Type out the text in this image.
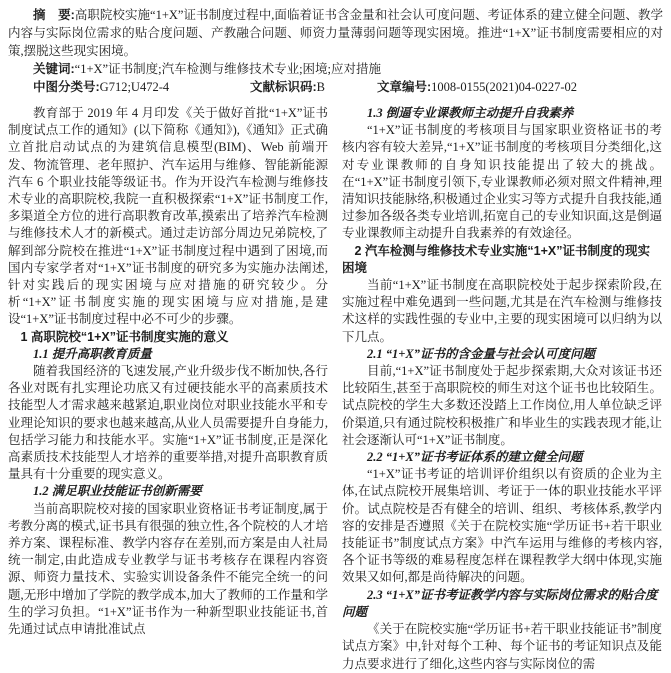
摘　要:高职院校实施“1+X”证书制度过程中,面临着证书含金量和社会认可度问题、考证体系的建立健全问题、教学内容与实际岗位需求的贴合度问题、产教融合问题、师资力量薄弱问题等现实困境。推进“1+X”证书制度需要相应的对策,摆脱这些现实困境。

关键词:“1+X”证书制度;汽车检测与维修技术专业;困境;应对措施

中图分类号:G712;U472-4	文献标识码:B	文章编号:1008-0155(2021)04-0227-02

教育部于 2019 年 4 月印发《关于做好首批“1+X”证书制度试点工作的通知》(以下简称《通知》),《通知》正式确立首批启动试点的为建筑信息模型(BIM)、Web 前端开发、物流管理、老年照护、汽车运用与维修、智能新能源汽车 6 个职业技能等级证书。作为开设汽车检测与维修技术专业的高职院校,我院一直积极探索“1+X”证书制度工作,多渠道全方位的进行高职教育改革,摸索出了培养汽车检测与维修技术人才的新模式。通过走访部分周边兄弟院校,了解到部分院校在推进“1+X”证书制度过程中遇到了困境,而国内专家学者对“1+X”证书制度的研究多为实施办法阐述,针对实践后的现实困境与应对措施的研究较少。分析“1+X”证书制度实施的现实困境与应对措施,是建设“1+X”证书制度过程中必不可少的步骤。

1 高职院校“1+X”证书制度实施的意义
1.1 提升高职教育质量

随着我国经济的飞速发展,产业升级步伐不断加快,各行各业对既有扎实理论功底又有过硬技能水平的高素质技术技能型人才需求越来越紧迫,职业岗位对职业技能水平和专业理论知识的要求也越来越高,从业人员需要提升自身能力,包括学习能力和技能水平。实施“1+X”证书制度,正是深化高素质技术技能型人才培养的重要举措,对提升高职教育质量具有十分重要的现实意义。

1.2 满足职业技能证书创新需要

当前高职院校对接的国家职业资格证书考证制度,属于考教分离的模式,证书具有很强的独立性,各个院校的人才培养方案、课程标准、教学内容存在差别,而方案是由人社局统一制定,由此造成专业教学与证书考核存在课程内容资源、师资力量技术、实验实训设备条件不能完全统一的问题,无形中增加了学院的教学成本,加大了教师的工作量和学生的学习负担。“1+X”证书作为一种新型职业技能证书,首先通过试点申请批准试点

1.3 倒逼专业课教师主动提升自我素养

“1+X”证书制度的考核项目与国家职业资格证书的考核内容有较大差异,“1+X”证书制度的考核项目分类细化,这对专业课教师的自身知识技能提出了较大的挑战。在“1+X”证书制度引领下,专业课教师必须对照文件精神,理清知识技能脉络,积极通过企业实习等方式提升自我技能,通过参加各级各类专业培训,拓宽自己的专业知识面,这是倒逼专业课教师主动提升自我素养的有效途径。

2 汽车检测与维修技术专业实施“1+X”证书制度的现实困境

当前“1+X”证书制度在高职院校处于起步探索阶段,在实施过程中难免遇到一些问题,尤其是在汽车检测与维修技术这样的实践性强的专业中,主要的现实困境可以归纳为以下几点。

2.1 “1+X”证书的含金量与社会认可度问题

目前,“1+X”证书制度处于起步探索期,大众对该证书还比较陌生,甚至于高职院校的师生对这个证书也比较陌生。试点院校的学生大多数还没踏上工作岗位,用人单位缺乏评价渠道,只有通过院校积极推广和毕业生的实践表现才能,让社会逐渐认可“1+X”证书制度。

2.2 “1+X”证书考证体系的建立健全问题

“1+X”证书考证的培训评价组织以有资质的企业为主体,在试点院校开展集培训、考证于一体的职业技能水平评价。试点院校是否有健全的培训、组织、考核体系,教学内容的安排是否遵照《关于在院校实施“学历证书+若干职业技能证书”制度试点方案》中汽车运用与维修的考核内容,各个证书等级的难易程度怎样在课程教学大纲中体现,实施效果又如何,都是尚待解决的问题。

2.3 “1+X”证书考证教学内容与实际岗位需求的贴合度问题

《关于在院校实施“学历证书+若干职业技能证书”制度试点方案》中,针对每个工种、每个证书的考证知识点及能力点要求进行了细化,这些内容与实际岗位的需
